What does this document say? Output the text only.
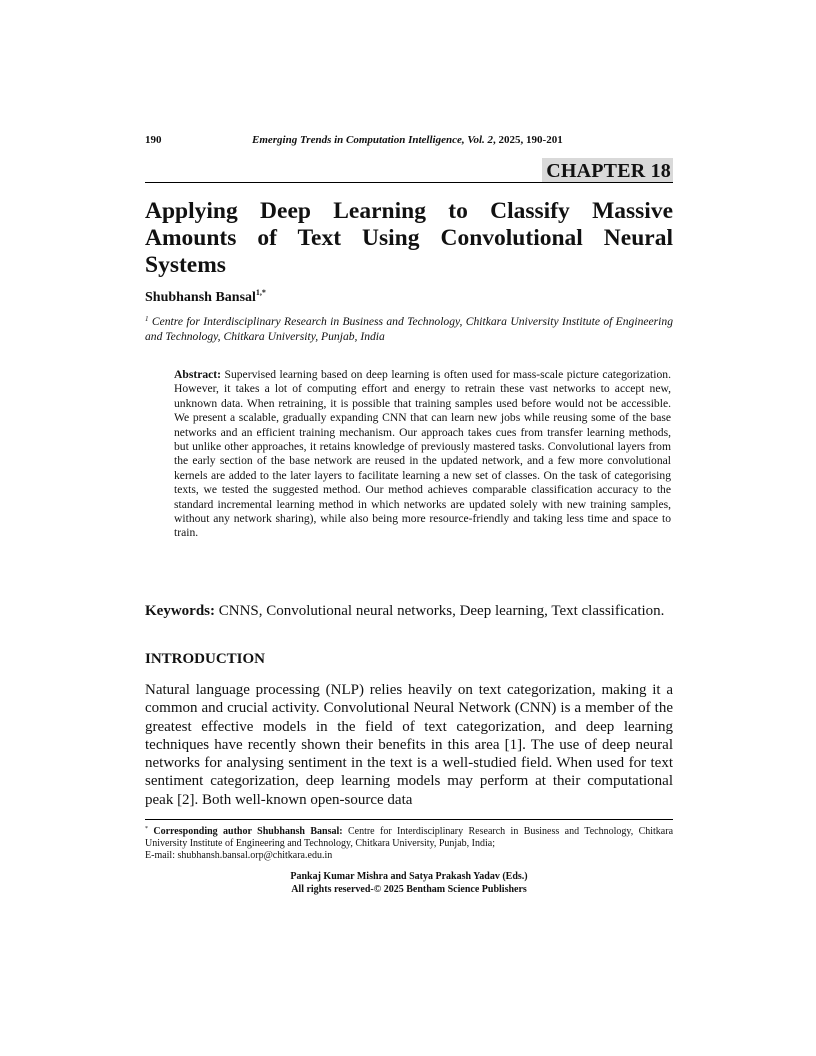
190	Emerging Trends in Computation Intelligence, Vol. 2, 2025, 190-201
CHAPTER 18
Applying Deep Learning to Classify Massive Amounts of Text Using Convolutional Neural Systems
Shubhansh Bansal$^{1,*}$
$^1$ Centre for Interdisciplinary Research in Business and Technology, Chitkara University Institute of Engineering and Technology, Chitkara University, Punjab, India
Abstract: Supervised learning based on deep learning is often used for mass-scale picture categorization. However, it takes a lot of computing effort and energy to retrain these vast networks to accept new, unknown data. When retraining, it is possible that training samples used before would not be accessible. We present a scalable, gradually expanding CNN that can learn new jobs while reusing some of the base networks and an efficient training mechanism. Our approach takes cues from transfer learning methods, but unlike other approaches, it retains knowledge of previously mastered tasks. Convolutional layers from the early section of the base network are reused in the updated network, and a few more convolutional kernels are added to the later layers to facilitate learning a new set of classes. On the task of categorising texts, we tested the suggested method. Our method achieves comparable classification accuracy to the standard incremental learning method in which networks are updated solely with new training samples, without any network sharing), while also being more resource-friendly and taking less time and space to train.
Keywords: CNNS, Convolutional neural networks, Deep learning, Text classification.
INTRODUCTION
Natural language processing (NLP) relies heavily on text categorization, making it a common and crucial activity. Convolutional Neural Network (CNN) is a member of the greatest effective models in the field of text categorization, and deep learning techniques have recently shown their benefits in this area [1]. The use of deep neural networks for analysing sentiment in the text is a well-studied field. When used for text sentiment categorization, deep learning models may perform at their computational peak [2]. Both well-known open-source data
* Corresponding author Shubhansh Bansal: Centre for Interdisciplinary Research in Business and Technology, Chitkara University Institute of Engineering and Technology, Chitkara University, Punjab, India;
E-mail: shubhansh.bansal.orp@chitkara.edu.in
Pankaj Kumar Mishra and Satya Prakash Yadav (Eds.)
All rights reserved-© 2025 Bentham Science Publishers
